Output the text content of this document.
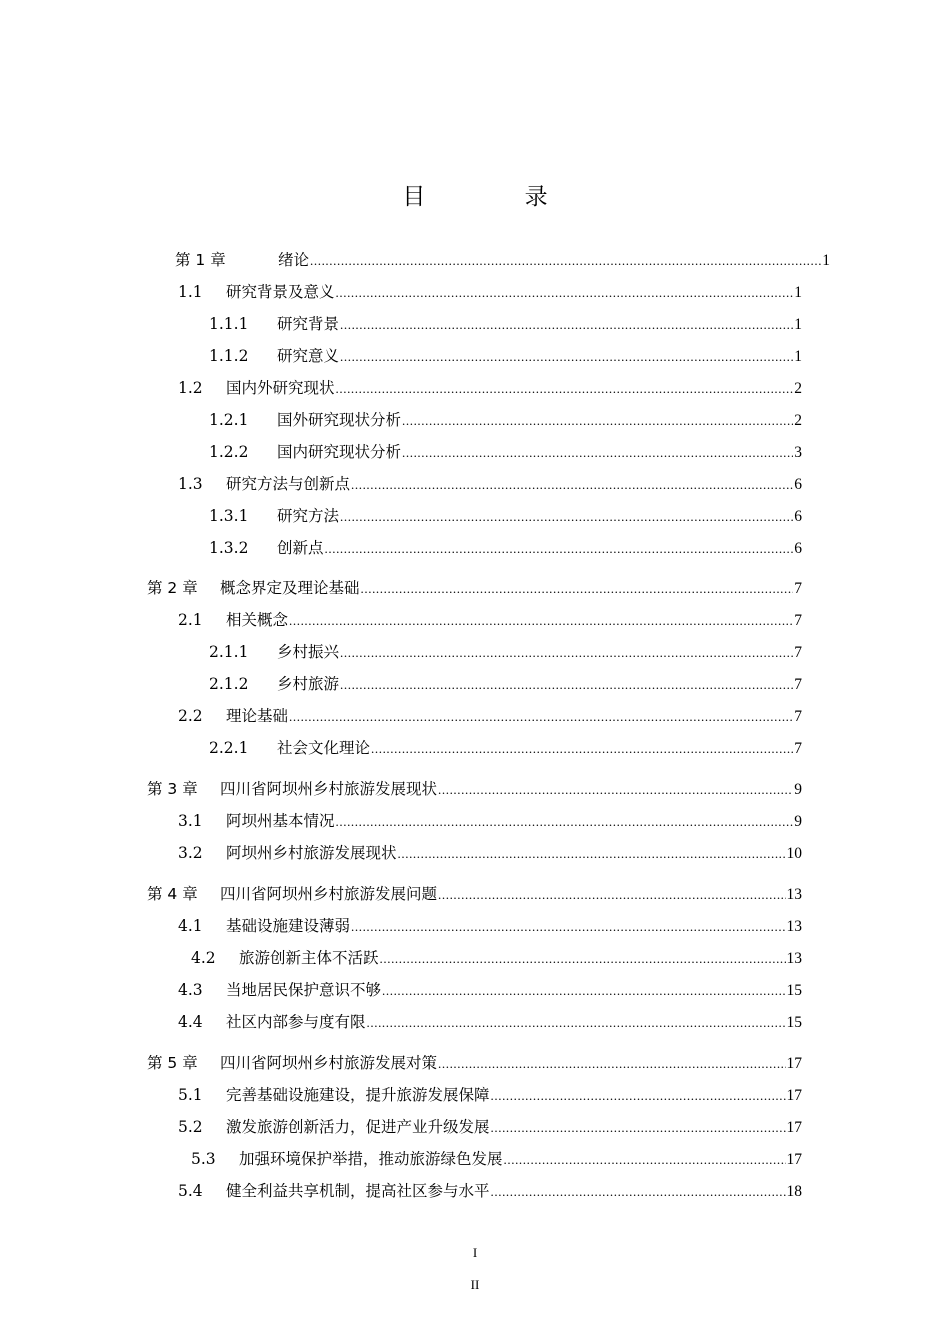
目 录
第 1 章	绪论 .....	1
1.1	研究背景及意义 .....	1
1.1.1	研究背景 .....	1
1.1.2	研究意义 .....	1
1.2	国内外研究现状 .....	2
1.2.1	国外研究现状分析 .....	2
1.2.2	国内研究现状分析 .....	3
1.3	研究方法与创新点 .....	6
1.3.1	研究方法 .....	6
1.3.2	创新点 .....	6
第 2 章	概念界定及理论基础 .....	7
2.1	相关概念 .....	7
2.1.1	乡村振兴 .....	7
2.1.2	乡村旅游 .....	7
2.2	理论基础 .....	7
2.2.1	社会文化理论 .....	7
第 3 章	四川省阿坝州乡村旅游发展现状 .....	9
3.1	阿坝州基本情况 .....	9
3.2	阿坝州乡村旅游发展现状 .....	10
第 4 章	四川省阿坝州乡村旅游发展问题 .....	13
4.1	基础设施建设薄弱 .....	13
4.2	旅游创新主体不活跃 .....	13
4.3	当地居民保护意识不够 .....	15
4.4	社区内部参与度有限 .....	15
第 5 章	四川省阿坝州乡村旅游发展对策 .....	17
5.1	完善基础设施建设，提升旅游发展保障 .....	17
5.2	激发旅游创新活力，促进产业升级发展 .....	17
5.3	加强环境保护举措，推动旅游绿色发展 .....	17
5.4	健全利益共享机制，提高社区参与水平 .....	18
I
II
